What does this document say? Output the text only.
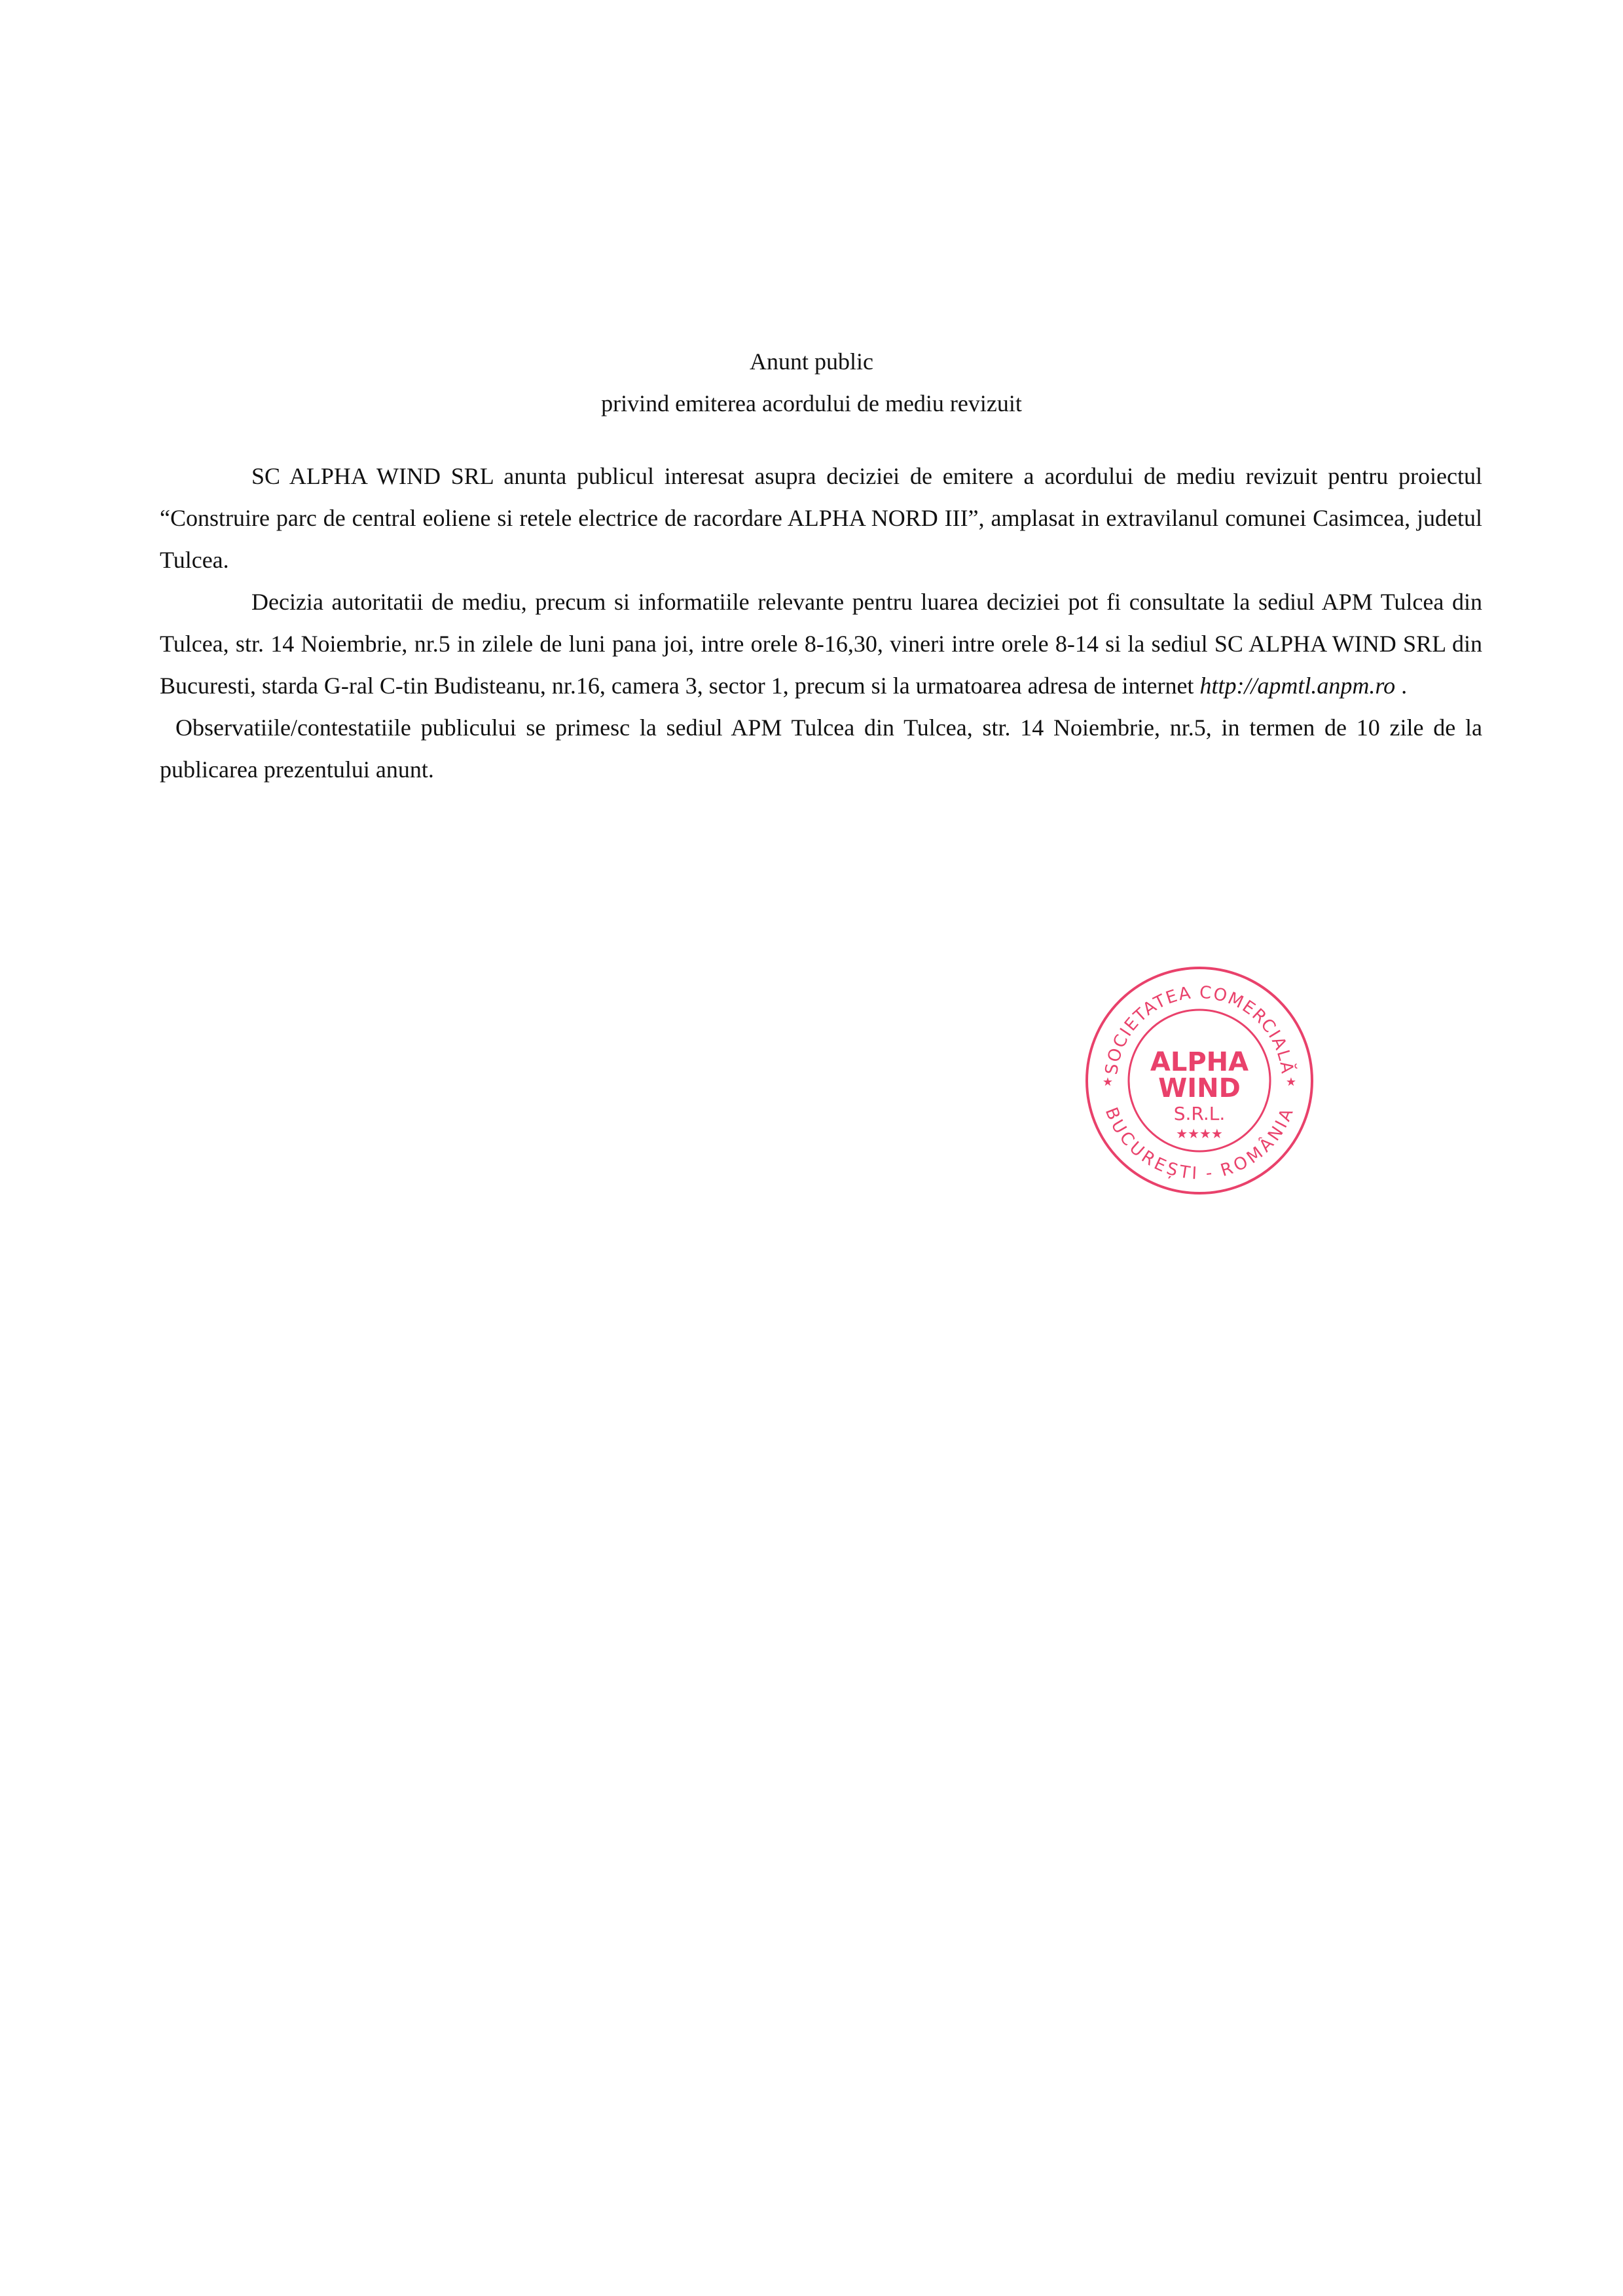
Anunt public
privind emiterea acordului de mediu revizuit

SC ALPHA WIND SRL anunta publicul interesat asupra deciziei de emitere a acordului de mediu revizuit pentru proiectul “Construire parc de central eoliene si retele electrice de racordare ALPHA NORD III”, amplasat in extravilanul comunei Casimcea, judetul Tulcea.

Decizia autoritatii de mediu, precum si informatiile relevante pentru luarea deciziei pot fi consultate la sediul APM Tulcea din Tulcea, str. 14 Noiembrie, nr.5 in zilele de luni pana joi, intre orele 8-16,30, vineri intre orele 8-14 si la sediul SC ALPHA WIND SRL din Bucuresti, starda G-ral C-tin Budisteanu, nr.16, camera 3, sector 1, precum si la urmatoarea adresa de internet http://apmtl.anpm.ro .

Observatiile/contestatiile publicului se primesc la sediul APM Tulcea din Tulcea, str. 14 Noiembrie, nr.5, in termen de 10 zile de la publicarea prezentului anunt.

SOCIETATEA COMERCIALĂ
BUCUREȘTI - ROMÂNIA
★	★
ALPHA
WIND
S.R.L.
★★★★
